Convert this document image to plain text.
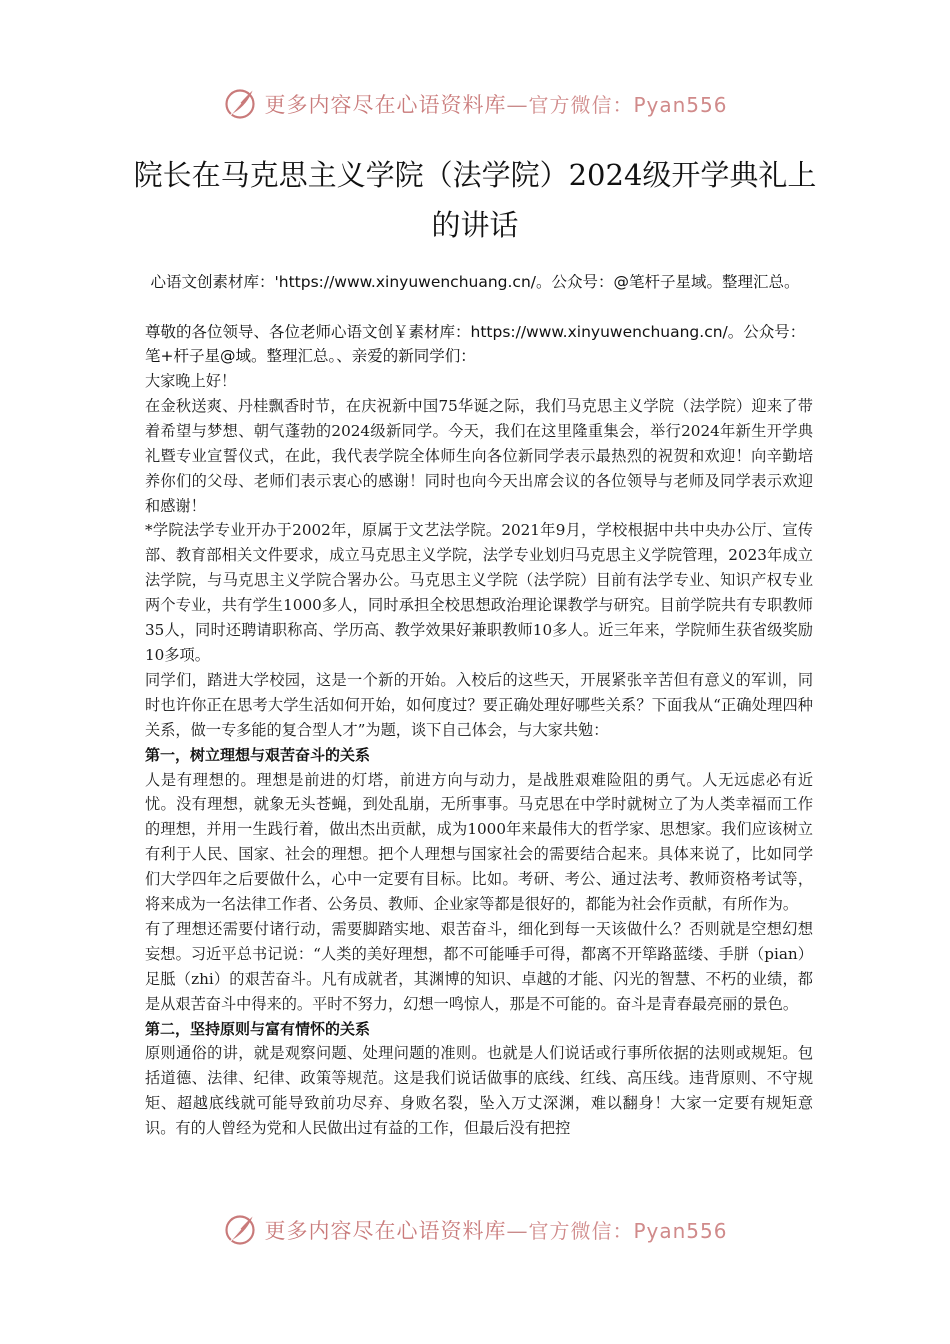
更多内容尽在心语资料库—官方微信：Pyan556
院长在马克思主义学院（法学院）2024级开学典礼上的讲话
心语文创素材库：'https://www.xinyuwenchuang.cn/。公众号：@笔杆子星域。整理汇总。
尊敬的各位领导、各位老师心语文创￥素材库：https://www.xinyuwenchuang.cn/。公众号：笔+杆子星@域。整理汇总。、亲爱的新同学们：

大家晚上好！

在金秋送爽、丹桂飘香时节，在庆祝新中国75华诞之际，我们马克思主义学院（法学院）迎来了带着希望与梦想、朝气蓬勃的2024级新同学。今天，我们在这里隆重集会，举行2024年新生开学典礼暨专业宣誓仪式，在此，我代表学院全体师生向各位新同学表示最热烈的祝贺和欢迎！向辛勤培养你们的父母、老师们表示衷心的感谢！同时也向今天出席会议的各位领导与老师及同学表示欢迎和感谢！

*学院法学专业开办于2002年，原属于文艺法学院。2021年9月，学校根据中共中央办公厅、宣传部、教育部相关文件要求，成立马克思主义学院，法学专业划归马克思主义学院管理，2023年成立法学院，与马克思主义学院合署办公。马克思主义学院（法学院）目前有法学专业、知识产权专业两个专业，共有学生1000多人，同时承担全校思想政治理论课教学与研究。目前学院共有专职教师35人，同时还聘请职称高、学历高、教学效果好兼职教师10多人。近三年来，学院师生获省级奖励10多项。

同学们，踏进大学校园，这是一个新的开始。入校后的这些天，开展紧张辛苦但有意义的军训，同时也许你正在思考大学生活如何开始，如何度过？要正确处理好哪些关系？下面我从“正确处理四种关系，做一专多能的复合型人才”为题，谈下自己体会，与大家共勉：

第一，树立理想与艰苦奋斗的关系

人是有理想的。理想是前进的灯塔，前进方向与动力，是战胜艰难险阻的勇气。人无远虑必有近忧。没有理想，就象无头苍蝇，到处乱崩，无所事事。马克思在中学时就树立了为人类幸福而工作的理想，并用一生践行着，做出杰出贡献，成为1000年来最伟大的哲学家、思想家。我们应该树立有利于人民、国家、社会的理想。把个人理想与国家社会的需要结合起来。具体来说了，比如同学们大学四年之后要做什么，心中一定要有目标。比如。考研、考公、通过法考、教师资格考试等，将来成为一名法律工作者、公务员、教师、企业家等都是很好的，都能为社会作贡献，有所作为。

有了理想还需要付诸行动，需要脚踏实地、艰苦奋斗，细化到每一天该做什么？否则就是空想幻想妄想。习近平总书记说：“人类的美好理想，都不可能唾手可得，都离不开筚路蓝缕、手胼（pian）足胝（zhi）的艰苦奋斗。凡有成就者，其渊博的知识、卓越的才能、闪光的智慧、不朽的业绩，都是从艰苦奋斗中得来的。平时不努力，幻想一鸣惊人，那是不可能的。奋斗是青春最亮丽的景色。

第二，坚持原则与富有情怀的关系

原则通俗的讲，就是观察问题、处理问题的准则。也就是人们说话或行事所依据的法则或规矩。包括道德、法律、纪律、政策等规范。这是我们说话做事的底线、红线、高压线。违背原则、不守规矩、超越底线就可能导致前功尽弃、身败名裂，坠入万丈深渊，难以翻身！大家一定要有规矩意识。有的人曾经为党和人民做出过有益的工作，但最后没有把控

更多内容尽在心语资料库—官方微信：Pyan556
